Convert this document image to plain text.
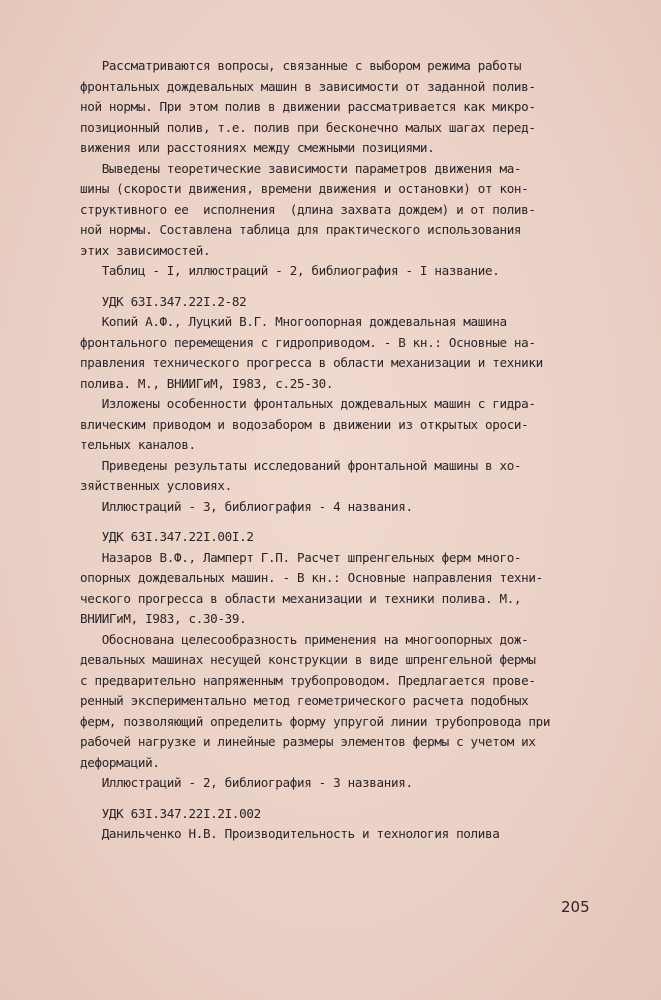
Рассматриваются вопросы, связанные с выбором режима работы
фронтальных дождевальных машин в зависимости от заданной полив-
ной нормы. При этом полив в движении рассматривается как микро-
позиционный полив, т.е. полив при бесконечно малых шагах перед-
вижения или расстояниях между смежными позициями.
Выведены теоретические зависимости параметров движения ма-
шины (скорости движения, времени движения и остановки) от кон-
структивного ее  исполнения  (длина захвата дождем) и от полив-
ной нормы. Составлена таблица для практического использования
этих зависимостей.
Таблиц - I, иллюстраций - 2, библиография - I название.
УДК 63I.347.22I.2-82
Копий А.Ф., Луцкий В.Г. Многоопорная дождевальная машина
фронтального перемещения с гидроприводом. - В кн.: Основные на-
правления технического прогресса в области механизации и техники
полива. М., ВНИИГиМ, I983, с.25-30.
Изложены особенности фронтальных дождевальных машин с гидра-
влическим приводом и водозабором в движении из открытых ороси-
тельных каналов.
Приведены результаты исследований фронтальной машины в хо-
зяйственных условиях.
Иллюстраций - 3, библиография - 4 названия.
УДК 63I.347.22I.00I.2
Назаров В.Ф., Ламперт Г.П. Расчет шпренгельных ферм много-
опорных дождевальных машин. - В кн.: Основные направления техни-
ческого прогресса в области механизации и техники полива. М.,
ВНИИГиМ, I983, с.30-39.
Обоснована целесообразность применения на многоопорных дож-
девальных машинах несущей конструкции в виде шпренгельной фермы
с предварительно напряженным трубопроводом. Предлагается прове-
ренный экспериментально метод геометрического расчета подобных
ферм, позволяющий определить форму упругой линии трубопровода при
рабочей нагрузке и линейные размеры элементов фермы с учетом их
деформаций.
Иллюстраций - 2, библиография - 3 названия.
УДК 63I.347.22I.2I.002
Данильченко Н.В. Производительность и технология полива
205
